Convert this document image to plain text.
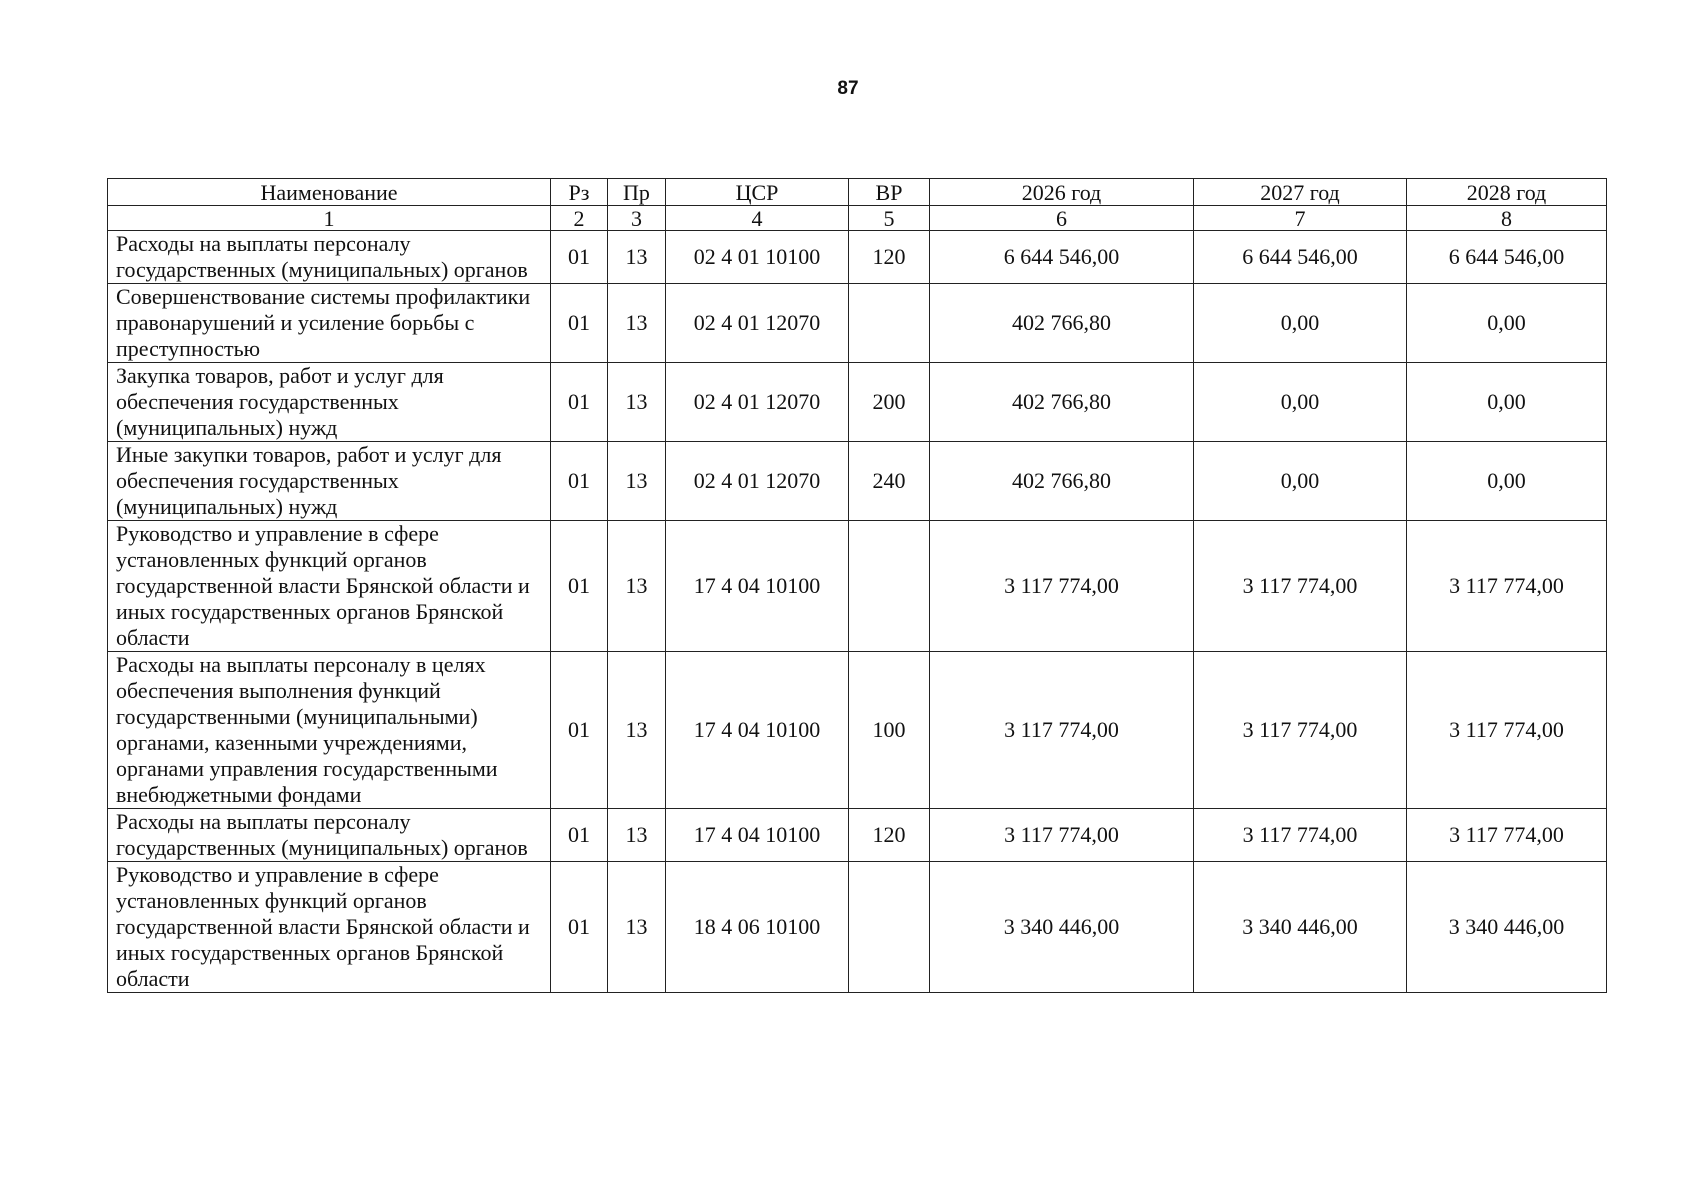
87
Наименование	Рз	Пр	ЦСР	ВР	2026 год	2027 год	2028 год
1	2	3	4	5	6	7	8
Расходы на выплаты персоналу государственных (муниципальных) органов	01	13	02 4 01 10100	120	6 644 546,00	6 644 546,00	6 644 546,00
Совершенствование системы профилактики правонарушений и усиление борьбы с преступностью	01	13	02 4 01 12070		402 766,80	0,00	0,00
Закупка товаров, работ и услуг для обеспечения государственных (муниципальных) нужд	01	13	02 4 01 12070	200	402 766,80	0,00	0,00
Иные закупки товаров, работ и услуг для обеспечения государственных (муниципальных) нужд	01	13	02 4 01 12070	240	402 766,80	0,00	0,00
Руководство и управление в сфере установленных функций органов государственной власти Брянской области и иных государственных органов Брянской области	01	13	17 4 04 10100		3 117 774,00	3 117 774,00	3 117 774,00
Расходы на выплаты персоналу в целях обеспечения выполнения функций государственными (муниципальными) органами, казенными учреждениями, органами управления государственными внебюджетными фондами	01	13	17 4 04 10100	100	3 117 774,00	3 117 774,00	3 117 774,00
Расходы на выплаты персоналу государственных (муниципальных) органов	01	13	17 4 04 10100	120	3 117 774,00	3 117 774,00	3 117 774,00
Руководство и управление в сфере установленных функций органов государственной власти Брянской области и иных государственных органов Брянской области	01	13	18 4 06 10100		3 340 446,00	3 340 446,00	3 340 446,00
